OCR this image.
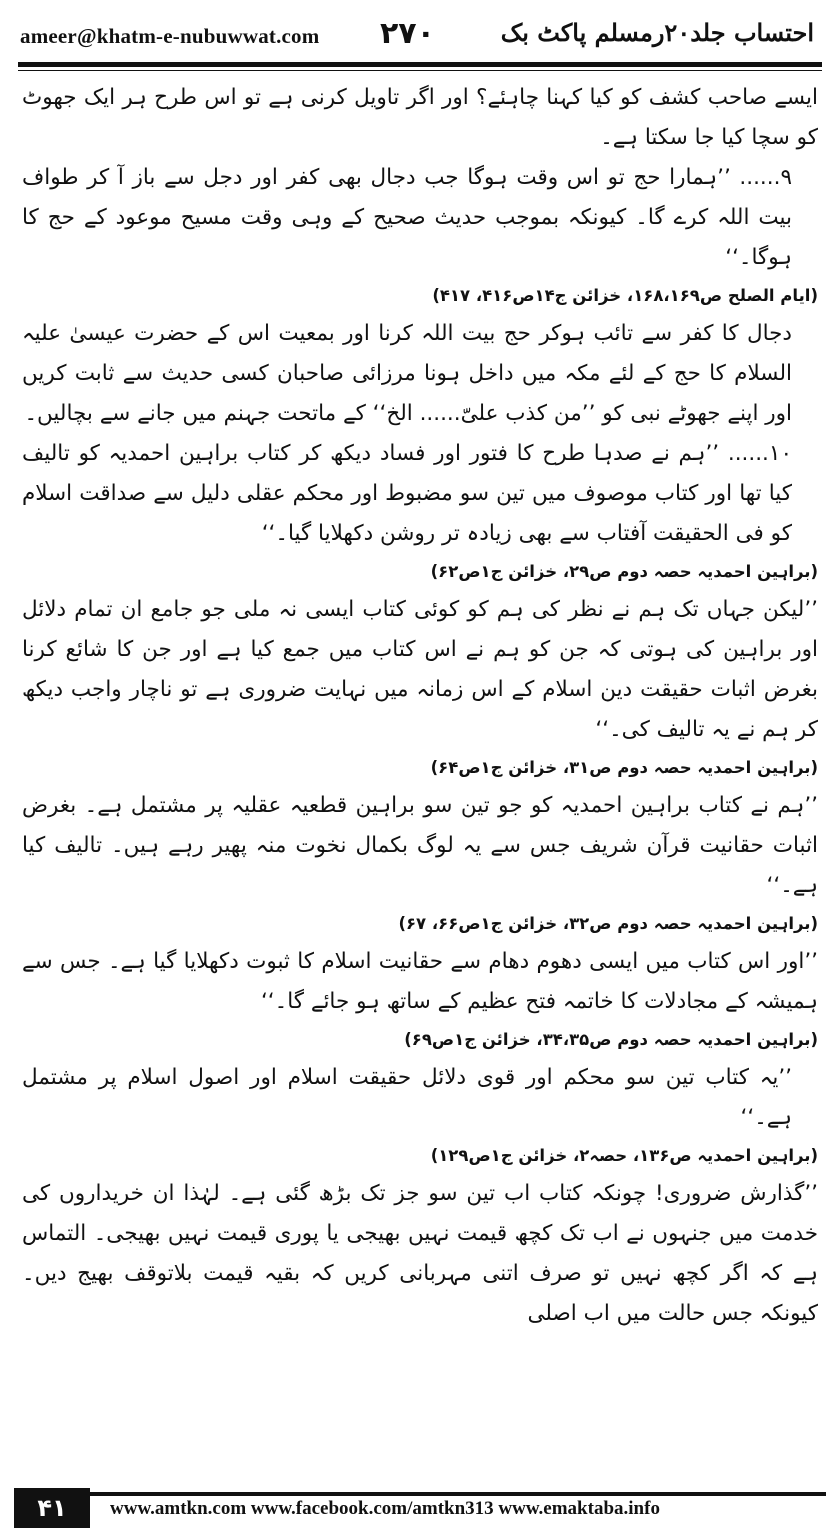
ameer@khatm-e-nubuwwat.com ۲۷۰	احتساب جلد۲۰رمسلم پاکٹ بک

ایسے صاحب کشف کو کیا کہنا چاہئے؟ اور اگر تاویل کرنی ہے تو اس طرح ہر ایک جھوٹ کو سچا کیا جا سکتا ہے۔

۹...... ’’ہمارا حج تو اس وقت ہوگا جب دجال بھی کفر اور دجل سے باز آ کر طواف بیت اللہ کرے گا۔ کیونکہ بموجب حدیث صحیح کے وہی وقت مسیح موعود کے حج کا ہوگا۔‘‘

(ایام الصلح ص۱۶۸،۱۶۹، خزائن ج۱۴ص۴۱۶، ۴۱۷)

دجال کا کفر سے تائب ہوکر حج بیت اللہ کرنا اور بمعیت اس کے حضرت عیسیٰ علیہ السلام کا حج کے لئے مکہ میں داخل ہونا مرزائی صاحبان کسی حدیث سے ثابت کریں اور اپنے جھوٹے نبی کو ’’من کذب علیّ...... الخ‘‘ کے ماتحت جہنم میں جانے سے بچالیں۔

۱۰...... ’’ہم نے صدہا طرح کا فتور اور فساد دیکھ کر کتاب براہین احمدیہ کو تالیف کیا تھا اور کتاب موصوف میں تین سو مضبوط اور محکم عقلی دلیل سے صداقت اسلام کو فی الحقیقت آفتاب سے بھی زیادہ تر روشن دکھلایا گیا۔‘‘

(براہین احمدیہ حصہ دوم ص۲۹، خزائن ج۱ص۶۲)

’’لیکن جہاں تک ہم نے نظر کی ہم کو کوئی کتاب ایسی نہ ملی جو جامع ان تمام دلائل اور براہین کی ہوتی کہ جن کو ہم نے اس کتاب میں جمع کیا ہے اور جن کا شائع کرنا بغرض اثبات حقیقت دین اسلام کے اس زمانہ میں نہایت ضروری ہے تو ناچار واجب دیکھ کر ہم نے یہ تالیف کی۔‘‘

(براہین احمدیہ حصہ دوم ص۳۱، خزائن ج۱ص۶۴)

’’ہم نے کتاب براہین احمدیہ کو جو تین سو براہین قطعیہ عقلیہ پر مشتمل ہے۔ بغرض اثبات حقانیت قرآن شریف جس سے یہ لوگ بکمال نخوت منہ پھیر رہے ہیں۔ تالیف کیا ہے۔‘‘

(براہین احمدیہ حصہ دوم ص۳۲، خزائن ج۱ص۶۶، ۶۷)

’’اور اس کتاب میں ایسی دھوم دھام سے حقانیت اسلام کا ثبوت دکھلایا گیا ہے۔ جس سے ہمیشہ کے مجادلات کا خاتمہ فتح عظیم کے ساتھ ہو جائے گا۔‘‘

(براہین احمدیہ حصہ دوم ص۳۴،۳۵، خزائن ج۱ص۶۹)

’’یہ کتاب تین سو محکم اور قوی دلائل حقیقت اسلام اور اصول اسلام پر مشتمل ہے۔‘‘

(براہین احمدیہ ص۱۳۶، حصہ۲، خزائن ج۱ص۱۲۹)

’’گذارش ضروری! چونکہ کتاب اب تین سو جز تک بڑھ گئی ہے۔ لہٰذا ان خریداروں کی خدمت میں جنہوں نے اب تک کچھ قیمت نہیں بھیجی یا پوری قیمت نہیں بھیجی۔ التماس ہے کہ اگر کچھ نہیں تو صرف اتنی مہربانی کریں کہ بقیہ قیمت بلاتوقف بھیج دیں۔ کیونکہ جس حالت میں اب اصلی

۴۱	www.amtkn.com www.facebook.com/amtkn313 www.emaktaba.info
